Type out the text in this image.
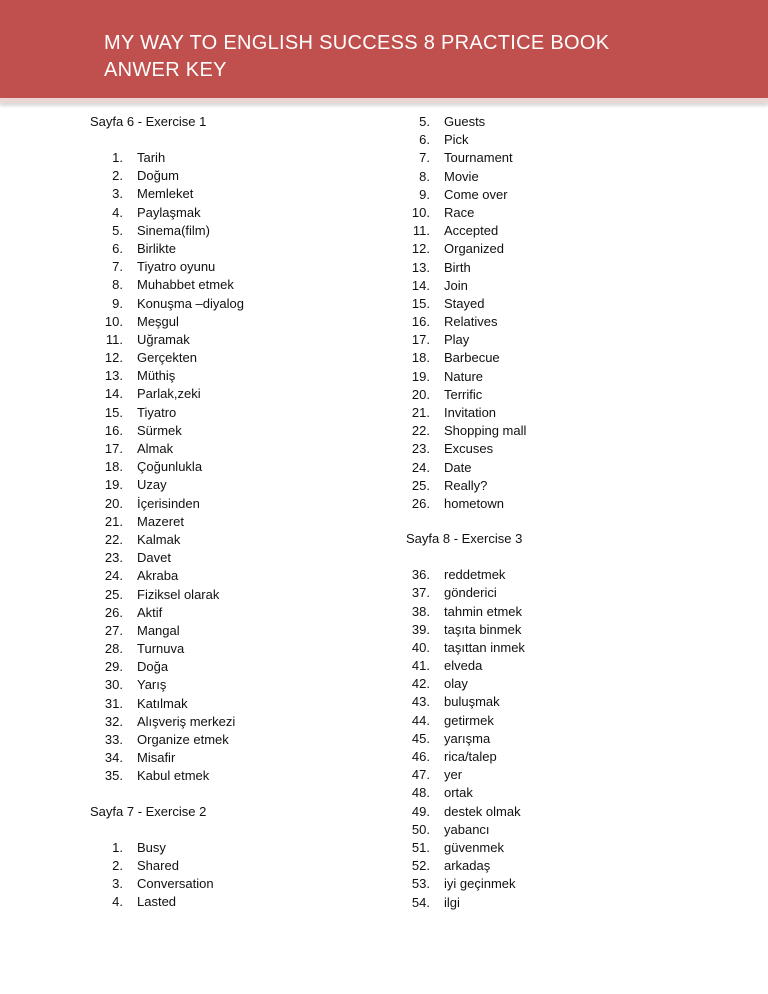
MY WAY TO ENGLISH SUCCESS 8 PRACTICE BOOK
ANWER KEY
Sayfa 6 - Exercise 1
1. Tarih
2. Doğum
3. Memleket
4. Paylaşmak
5. Sinema(film)
6. Birlikte
7. Tiyatro oyunu
8. Muhabbet etmek
9. Konuşma –diyalog
10. Meşgul
11. Uğramak
12. Gerçekten
13. Müthiş
14. Parlak,zeki
15. Tiyatro
16. Sürmek
17. Almak
18. Çoğunlukla
19. Uzay
20. İçerisinden
21. Mazeret
22. Kalmak
23. Davet
24. Akraba
25. Fiziksel olarak
26. Aktif
27. Mangal
28. Turnuva
29. Doğa
30. Yarış
31. Katılmak
32. Alışveriş merkezi
33. Organize etmek
34. Misafir
35. Kabul etmek
Sayfa 7 - Exercise 2
1. Busy
2. Shared
3. Conversation
4. Lasted
5. Guests
6. Pick
7. Tournament
8. Movie
9. Come over
10. Race
11. Accepted
12. Organized
13. Birth
14. Join
15. Stayed
16. Relatives
17. Play
18. Barbecue
19. Nature
20. Terrific
21. Invitation
22. Shopping mall
23. Excuses
24. Date
25. Really?
26. hometown
Sayfa 8 - Exercise 3
36. reddetmek
37. gönderici
38. tahmin etmek
39. taşıta binmek
40. taşıttan inmek
41. elveda
42. olay
43. buluşmak
44. getirmek
45. yarışma
46. rica/talep
47. yer
48. ortak
49. destek olmak
50. yabancı
51. güvenmek
52. arkadaş
53. iyi geçinmek
54. ilgi
